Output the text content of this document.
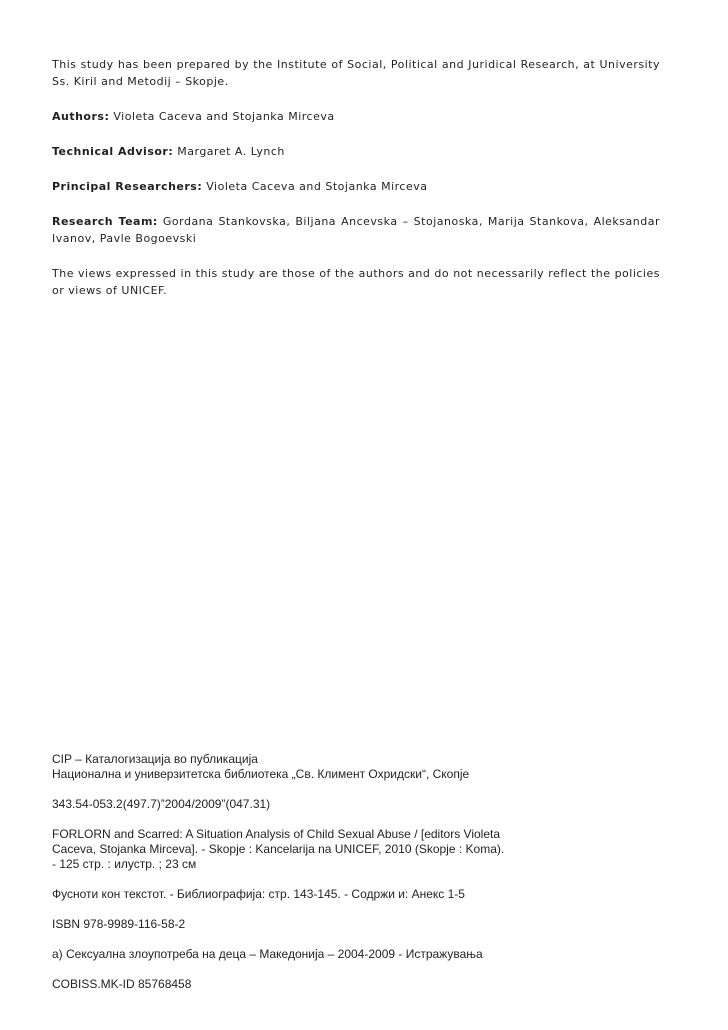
This study has been prepared by the Institute of Social, Political and Juridical Research, at University Ss. Kiril and Metodij – Skopje.

Authors: Violeta Caceva and Stojanka Mirceva

Technical Advisor: Margaret A. Lynch

Principal Researchers: Violeta Caceva and Stojanka Mirceva

Research Team: Gordana Stankovska, Biljana Ancevska – Stojanoska, Marija Stankova, Aleksandar Ivanov, Pavle Bogoevski

The views expressed in this study are those of the authors and do not necessarily reflect the policies or views of UNICEF.

CIP – Каталогизација во публикација
Национална и универзитетска библиотека „Св. Климент Охридски“, Скопје

343.54-053.2(497.7)”2004/2009”(047.31)

FORLORN and Scarred: A Situation Analysis of Child Sexual Abuse / [editors Violeta
Caceva, Stojanka Mirceva]. - Skopje : Kancelarija na UNICEF, 2010 (Skopje : Koma).
- 125 стр. : илустр. ; 23 см

Фусноти кон текстот. - Библиографија: стр. 143-145. - Содржи и: Анекс 1-5

ISBN 978-9989-116-58-2

а) Сексуална злоупотреба на деца – Македонија – 2004-2009 - Истражувања

COBISS.MK-ID 85768458
